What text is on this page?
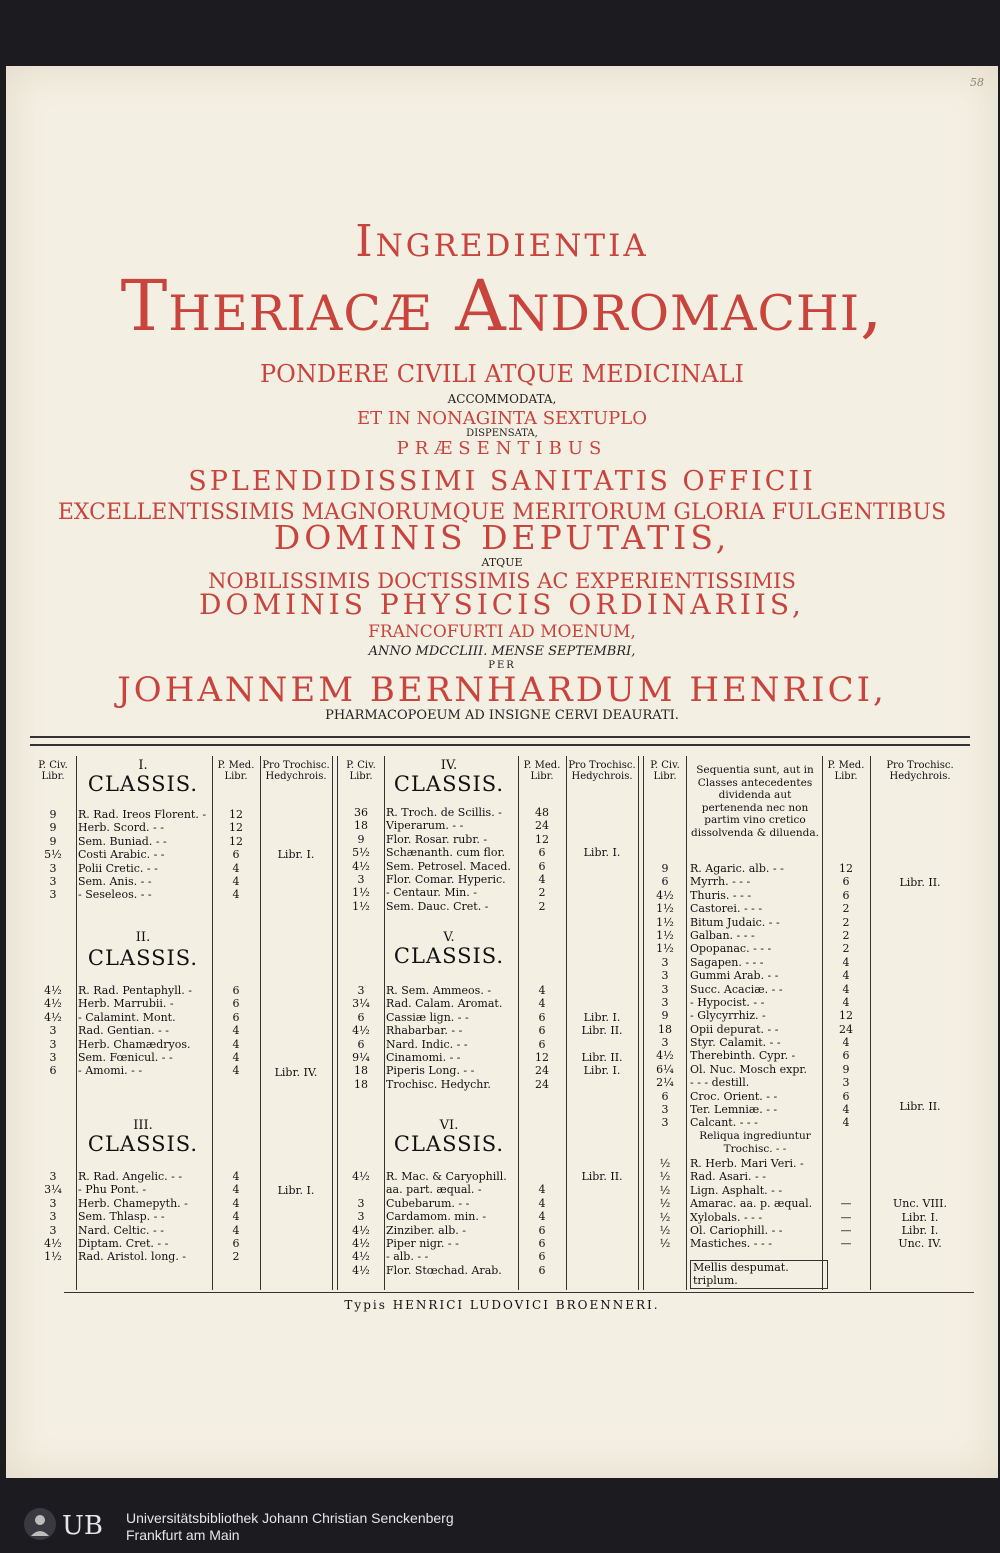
58
Ingredientia
Theriacæ Andromachi,
PONDERE CIVILI ATQUE MEDICINALI
ACCOMMODATA,
ET IN NONAGINTA SEXTUPLO
DISPENSATA,
PRÆSENTIBUS
SPLENDIDISSIMI SANITATIS OFFICII
EXCELLENTISSIMIS MAGNORUMQUE MERITORUM GLORIA FULGENTIBUS
DOMINIS DEPUTATIS,
ATQUE
NOBILISSIMIS DOCTISSIMIS AC EXPERIENTISSIMIS
DOMINIS PHYSICIS ORDINARIIS,
FRANCOFURTI AD MOENUM,
ANNO MDCCLIII. MENSE SEPTEMBRI,
PER
JOHANNEM BERNHARDUM HENRICI,
PHARMACOPOEUM AD INSIGNE CERVI DEAURATI.
P. Civ.
Libr.
P. Med.
Libr.
Pro Trochisc.
Hedychrois.
P. Civ.
Libr.
P. Med.
Libr.
Pro Trochisc.
Hedychrois.
P. Civ.
Libr.
P. Med.
Libr.
Pro Trochisc.
Hedychrois.
I.
CLASSIS.
9
9
9
5½
3
3
3
R. Rad. Ireos Florent. -
Herb. Scord. - -
Sem. Buniad. - -
Costi Arabic. - -
Polii Cretic. - -
Sem. Anis. - -
- Seseleos. - -
12
12
12
6
4
4
4
Libr. I.
II.
CLASSIS.
4½
4½
4½
3
3
3
6
R. Rad. Pentaphyll. -
Herb. Marrubii. -
- Calamint. Mont.
Rad. Gentian. - -
Herb. Chamædryos.
Sem. Fœnicul. - -
- Amomi. - -
6
6
6
4
4
4
4	Libr. IV.
III.
CLASSIS.
3
3¼
3
3
3
4½
1½
R. Rad. Angelic. - -
- Phu Pont. -
Herb. Chamepyth. -
Sem. Thlasp. - -
Nard. Celtic. - -
Diptam. Cret. - -
Rad. Aristol. long. -
4
4
4
4
4
6
2
Libr. I.
IV.
CLASSIS.
36
18
9
5½
4½
3
1½
1½
R. Troch. de Scillis. -
Viperarum. - -
Flor. Rosar. rubr. -
Schænanth. cum flor.
Sem. Petrosel. Maced.
Flor. Comar. Hyperic.
- Centaur. Min. -
Sem. Dauc. Cret. -
48
24
12
6
6
4
2
2
Libr. I.
V.
CLASSIS.
3
3¼
6
4½
6
9¼
18
18
R. Sem. Ammeos. -
Rad. Calam. Aromat.
Cassiæ lign. - -
Rhabarbar. - -
Nard. Indic. - -
Cinamomi. - -
Piperis Long. - -
Trochisc. Hedychr.
4
4
6
6
6
12
24
24
Libr. I.
Libr. II.
Libr. II.
Libr. I.
VI.
CLASSIS.
4½
3
3
4½
4½
4½
4½
R. Mac. & Caryophill.
aa. part. æqual. -
Cubebarum. - -
Cardamom. min. -
Zinziber. alb. -
Piper nigr. - -
- alb. - -
Flor. Stœchad. Arab.
4
4
4
6
6
6
6
Libr. II.
Sequentia sunt, aut in Classes antecedentes dividenda aut pertenenda nec non partim vino cretico dissolvenda & diluenda.
9
6
4½
1½
1½
1½
1½
3
3
3
3
9
18
3
4½
6¼
2¼
6
R. Agaric. alb. - -
Myrrh. - - -
Thuris. - - -
Castorei. - - -
Bitum Judaic. - -
Galban. - - -
Opopanac. - - -
Sagapen. - - -
Gummi Arab. - -
Succ. Acaciæ. - -
- Hypocist. - -
- Glycyrrhiz. -
Opii depurat. - -
Styr. Calamit. - -
Therebinth. Cypr. -
Ol. Nuc. Mosch expr.
- - - destill.
Croc. Orient. - -
12
6
6
2
2
2
2
4
4
4
4
12
24
4
6
9
3
6
Libr. II.
Libr. II.
3
3
Ter. Lemniæ. - -
Calcant. - - -
4
4
Reliqua ingrediuntur Trochisc. - -
½
½
½
½
½
½
½
R. Herb. Mari Veri. -
Rad. Asari. - -
Lign. Asphalt. - -
Amarac. aa. p. æqual.
Xylobals. - - -
Ol. Cariophill. - -
Mastiches. - - -
—
—
—
—
Unc. VIII.
Libr. I.
Libr. I.
Unc. IV.
Mellis despumat. triplum.
Typis HENRICI LUDOVICI BROENNERI.
UB Universitätsbibliothek Johann Christian Senckenberg
Frankfurt am Main
